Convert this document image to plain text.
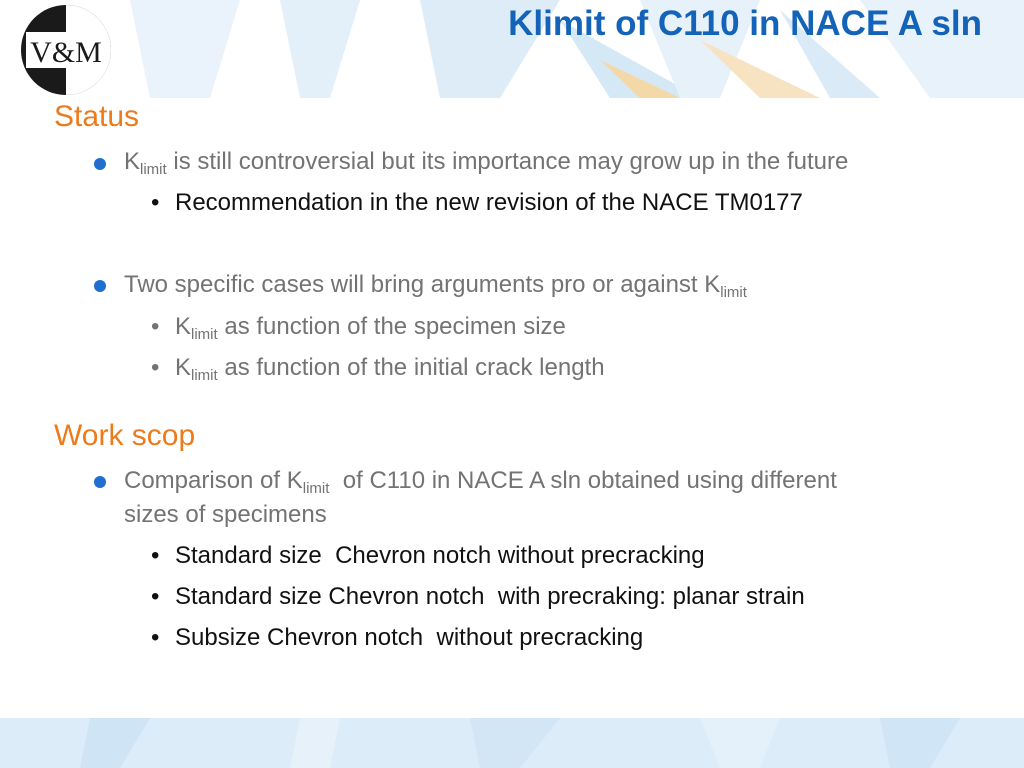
V&M
Klimit of C110 in NACE A sln
Status
$K_{limit}$ is still controversial but its importance may grow up in the future
• Recommendation in the new revision of the NACE TM0177
Two specific cases will bring arguments pro or against $K_{limit}$
• $K_{limit}$ as function of the specimen size
• $K_{limit}$ as function of the initial crack length
Work scop
Comparison of $K_{limit}$  of C110 in NACE A sln obtained using different
sizes of specimens
• Standard size  Chevron notch without precracking
• Standard size Chevron notch  with precraking: planar strain
• Subsize Chevron notch  without precracking
